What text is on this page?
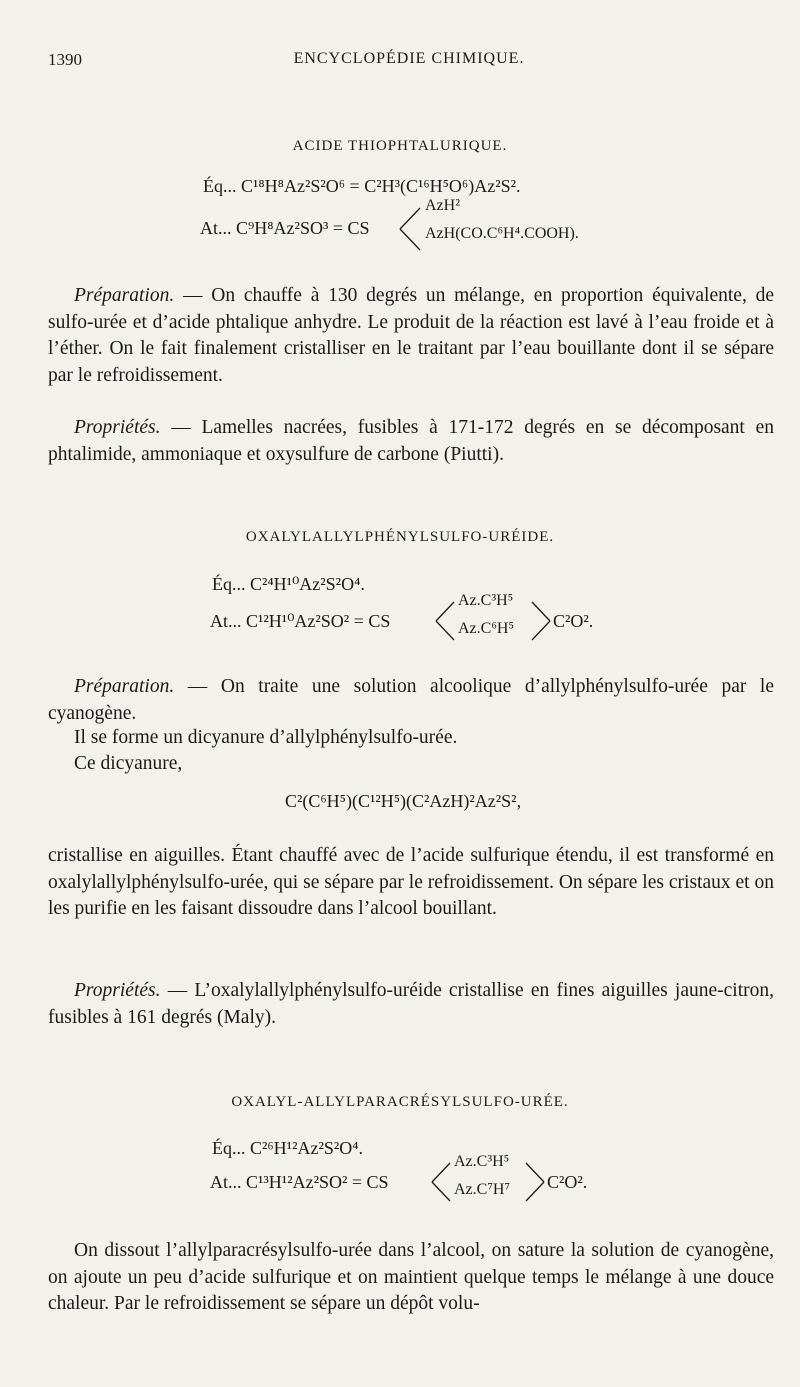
1390	ENCYCLOPÉDIE CHIMIQUE.
ACIDE THIOPHTALURIQUE.
Éq... C¹⁸H⁸Az²S²O⁶ = C²H³(C¹⁶H⁵O⁶)Az²S².
At... C⁹H⁸Az²SO³ = CS
AzH²
AzH(CO.C⁶H⁴.COOH).
Préparation. — On chauffe à 130 degrés un mélange, en proportion équivalente, de sulfo-urée et d’acide phtalique anhydre. Le produit de la réaction est lavé à l’eau froide et à l’éther. On le fait finalement cristalliser en le traitant par l’eau bouillante dont il se sépare par le refroidissement.
Propriétés. — Lamelles nacrées, fusibles à 171-172 degrés en se décomposant en phtalimide, ammoniaque et oxysulfure de carbone (Piutti).
OXALYLALLYLPHÉNYLSULFO-URÉIDE.
Éq... C²⁴H¹⁰Az²S²O⁴.
At... C¹²H¹⁰Az²SO² = CS
Az.C³H⁵
Az.C⁶H⁵ C²O².
Préparation. — On traite une solution alcoolique d’allylphénylsulfo-urée par le cyanogène.
Il se forme un dicyanure d’allylphénylsulfo-urée.
Ce dicyanure,
C²(C⁶H⁵)(C¹²H⁵)(C²AzH)²Az²S²,
cristallise en aiguilles. Étant chauffé avec de l’acide sulfurique étendu, il est transformé en oxalylallylphénylsulfo-urée, qui se sépare par le refroidissement. On sépare les cristaux et on les purifie en les faisant dissoudre dans l’alcool bouillant.
Propriétés. — L’oxalylallylphénylsulfo-uréide cristallise en fines aiguilles jaune-citron, fusibles à 161 degrés (Maly).
OXALYL-ALLYLPARACRÉSYLSULFO-URÉE.
Éq... C²⁶H¹²Az²S²O⁴.
At... C¹³H¹²Az²SO² = CS
Az.C³H⁵
Az.C⁷H⁷ C²O².
On dissout l’allylparacrésylsulfo-urée dans l’alcool, on sature la solution de cyanogène, on ajoute un peu d’acide sulfurique et on maintient quelque temps le mélange à une douce chaleur. Par le refroidissement se sépare un dépôt volu-
